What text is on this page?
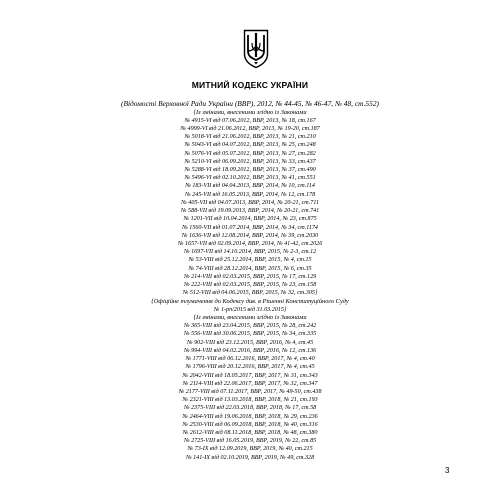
МИТНИЙ КОДЕКС УКРАЇНИ
(Відомості Верховної Ради України (ВВР), 2012, № 44-45, № 46-47, № 48, ст.552)
{Із змінами, внесеними згідно із Законами
№ 4915-VI від 07.06.2012, ВВР, 2013, № 18, ст.167
№ 4999-VI від 21.06.2012, ВВР, 2013, № 19-20, ст.187
№ 5018-VI від 21.06.2012, ВВР, 2013, № 21, ст.210
№ 5043-VI від 04.07.2012, ВВР, 2013, № 25, ст.248
№ 5076-VI від 05.07.2012, ВВР, 2013, № 27, ст.282
№ 5210-VI від 06.09.2012, ВВР, 2013, № 33, ст.437
№ 5288-VI від 18.09.2012, ВВР, 2013, № 37, ст.490
№ 5496-VI від 02.10.2012, ВВР, 2013, № 41, ст.551
№ 183-VII від 04.04.2013, ВВР, 2014, № 10, ст.114
№ 245-VII від 16.05.2013, ВВР, 2014, № 12, ст.178
№ 405-VII від 04.07.2013, ВВР, 2014, № 20-21, ст.711
№ 588-VII від 19.09.2013, ВВР, 2014, № 20-21, ст.741
№ 1201-VII від 10.04.2014, ВВР, 2014, № 23, ст.875
№ 1560-VII від 01.07.2014, ВВР, 2014, № 34, ст.1174
№ 1636-VII від 12.08.2014, ВВР, 2014, № 39, ст.2030
№ 1657-VII від 02.09.2014, ВВР, 2014, № 41-42, ст.2026
№ 1697-VII від 14.10.2014, ВВР, 2015, № 2-3, ст.12
№ 53-VIII від 25.12.2014, ВВР, 2015, № 4, ст.15
№ 74-VIII від 28.12.2014, ВВР, 2015, № 6, ст.35
№ 214-VIII від 02.03.2015, ВВР, 2015, № 17, ст.129
№ 222-VIII від 02.03.2015, ВВР, 2015, № 23, ст.158
№ 512-VIII від 04.06.2015, ВВР, 2015, № 32, ст.305}
{Офіційне тлумачення до Кодексу див. в Рішенні Конституційного Суду
№ 1-рп/2015 від 31.03.2015}
{Із змінами, внесеними згідно із Законами
№ 365-VIII від 23.04.2015, ВВР, 2015, № 28, ст.242
№ 556-VIII від 30.06.2015, ВВР, 2015, № 34, ст.335
№ 902-VIII від 23.12.2015, ВВР, 2016, № 4, ст.45
№ 994-VIII від 04.02.2016, ВВР, 2016, № 12, ст.136
№ 1771-VIII від 06.12.2016, ВВР, 2017, № 4, ст.40
№ 1796-VIII від 20.12.2016, ВВР, 2017, № 4, ст.45
№ 2042-VIII від 18.05.2017, ВВР, 2017, № 31, ст.343
№ 2114-VIII від 22.06.2017, ВВР, 2017, № 32, ст.347
№ 2177-VIII від 07.11.2017, ВВР, 2017, № 49-50, ст.438
№ 2321-VIII від 13.03.2018, ВВР, 2018, № 21, ст.193
№ 2375-VIII від 22.03.2018, ВВР, 2018, № 17, ст.58
№ 2464-VIII від 19.06.2018, ВВР, 2018, № 29, ст.236
№ 2530-VIII від 06.09.2018, ВВР, 2018, № 40, ст.316
№ 2612-VIII від 08.11.2018, ВВР, 2018, № 48, ст.380
№ 2725-VIII від 16.05.2019, ВВР, 2019, № 22, ст.85
№ 73-IX від 12.09.2019, ВВР, 2019, № 40, ст.215
№ 141-IX від 02.10.2019, ВВР, 2019, № 49, ст.328
3
